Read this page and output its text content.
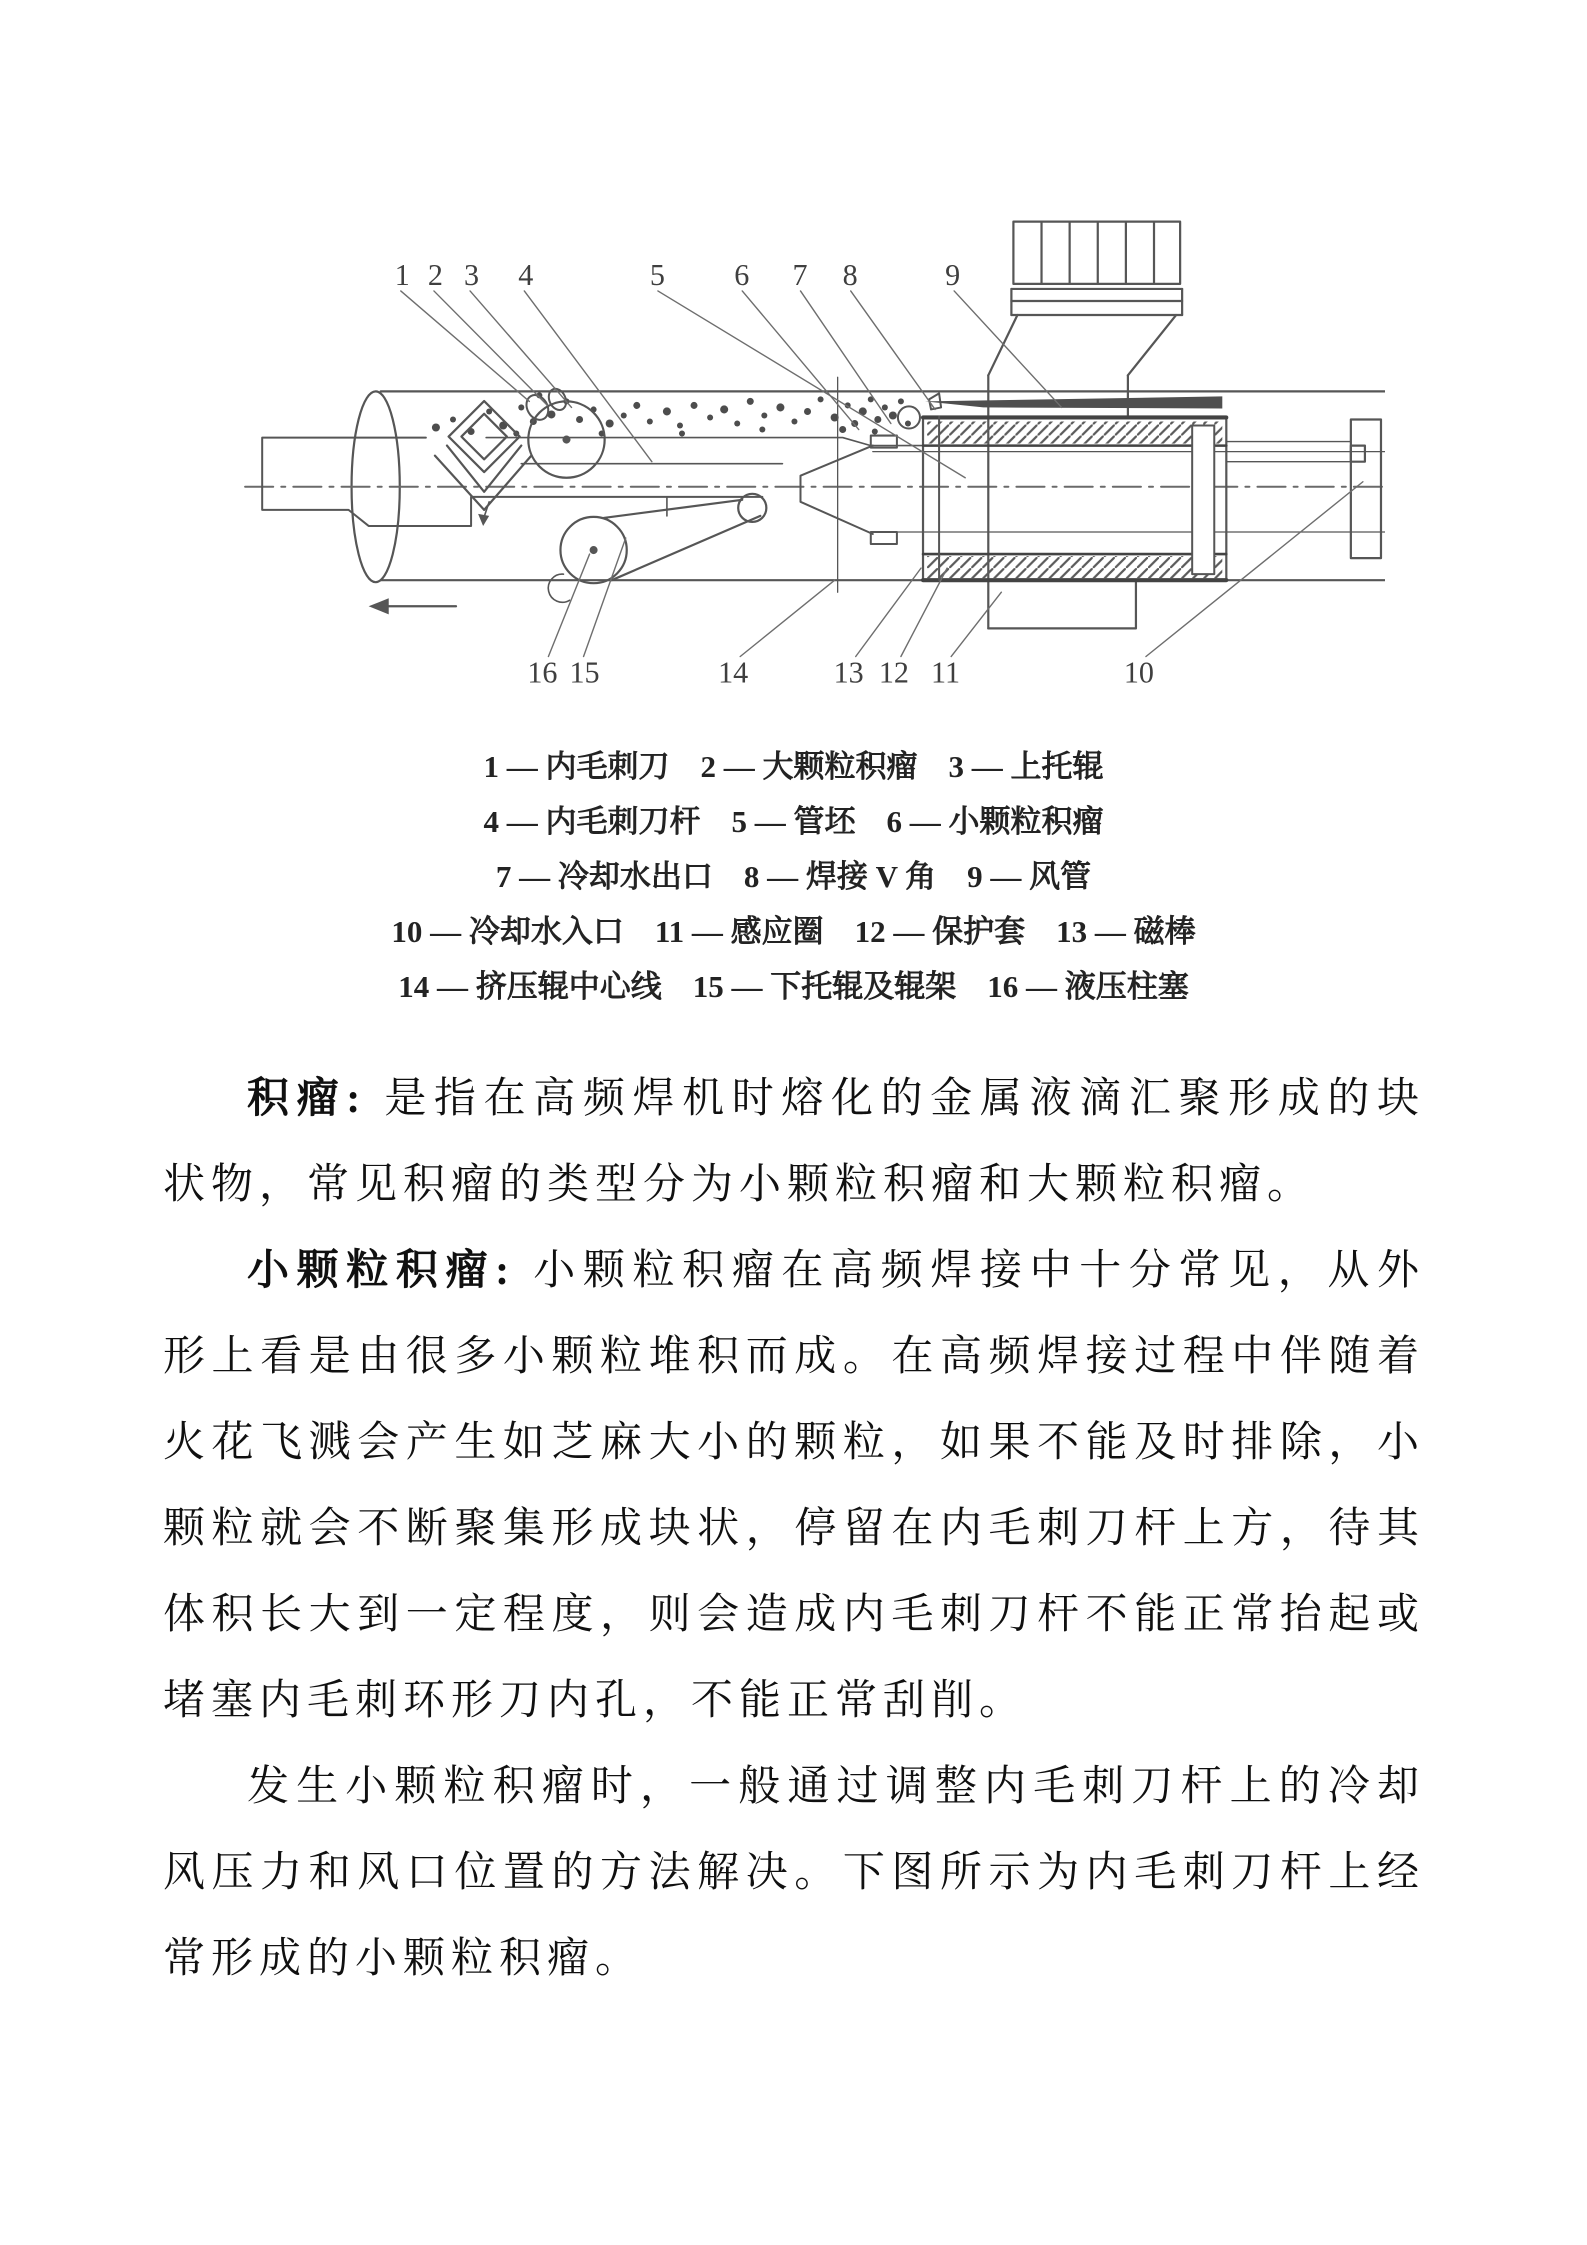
1 2 3 4	5 6 7 8	9
16 15	14	13 12 11	10
1 — 内毛刺刀　2 — 大颗粒积瘤　3 — 上托辊
4 — 内毛刺刀杆　5 — 管坯　6 — 小颗粒积瘤
7 — 冷却水出口　8 — 焊接 V 角　9 — 风管
10 — 冷却水入口　11 — 感应圈　12 — 保护套　13 — 磁棒
14 — 挤压辊中心线　15 — 下托辊及辊架　16 — 液压柱塞

积瘤: 是指在高频焊机时熔化的金属液滴汇聚形成的块状物，常见积瘤的类型分为小颗粒积瘤和大颗粒积瘤。

小颗粒积瘤: 小颗粒积瘤在高频焊接中十分常见，从外形上看是由很多小颗粒堆积而成。在高频焊接过程中伴随着火花飞溅会产生如芝麻大小的颗粒，如果不能及时排除，小颗粒就会不断聚集形成块状，停留在内毛刺刀杆上方，待其体积长大到一定程度，则会造成内毛刺刀杆不能正常抬起或堵塞内毛刺环形刀内孔，不能正常刮削。

发生小颗粒积瘤时，一般通过调整内毛刺刀杆上的冷却风压力和风口位置的方法解决。下图所示为内毛刺刀杆上经常形成的小颗粒积瘤。
